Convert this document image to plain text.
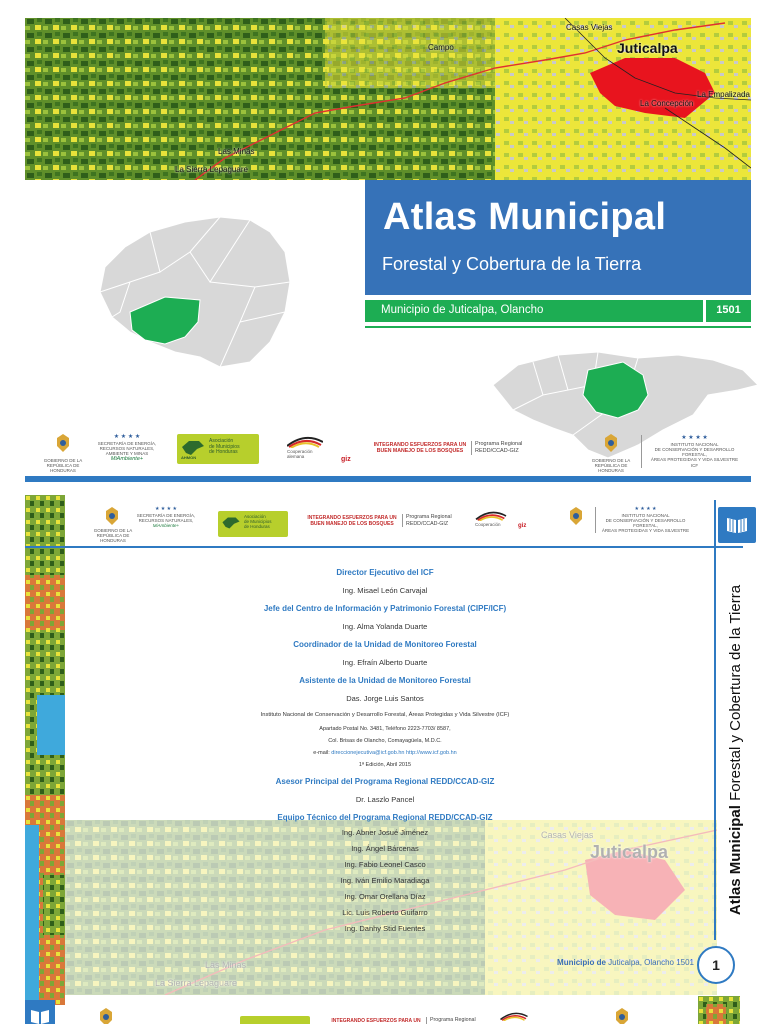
Campo
Casas Viejas
Juticalpa
La Empalizada
La Concepción
Las Minas
La Sierra Lepaguare
Atlas Municipal
Forestal y Cobertura de la Tierra
Municipio de Juticalpa, Olancho	1501
GOBIERNO DE LA
REPÚBLICA DE HONDURAS
★ ★ ★ ★
SECRETARÍA DE ENERGÍA,
RECURSOS NATURALES,
AMBIENTE Y MINAS
MiAmbiente+	AHMON
Asociación
de Municipios
de Honduras	Cooperación
alemana	giz
INTEGRANDO ESFUERZOS PARA UN
BUEN MANEJO DE LOS BOSQUES
Programa Regional
REDD/CCAD-GIZ
GOBIERNO DE LA
REPÚBLICA DE HONDURAS
★ ★ ★ ★
INSTITUTO NACIONAL
DE CONSERVACIÓN Y DESARROLLO FORESTAL,
ÁREAS PROTEGIDAS Y VIDA SILVESTRE
ICF
Casas Viejas
Juticalpa
Las Minas
La Sierra Lepaguare
GOBIERNO DE LA
REPÚBLICA DE HONDURAS
★ ★ ★ ★
SECRETARÍA DE ENERGÍA,
RECURSOS NATURALES,
MiAmbiente+
Asociación
de Municipios
de Honduras
INTEGRANDO ESFUERZOS PARA UN
BUEN MANEJO DE LOS BOSQUES
Programa Regional
REDD/CCAD-GIZ	Cooperación	giz
★ ★ ★ ★
INSTITUTO NACIONAL
DE CONSERVACIÓN Y DESARROLLO FORESTAL,
ÁREAS PROTEGIDAS Y VIDA SILVESTRE
Atlas Municipal Forestal y Cobertura de la Tierra
Director Ejecutivo del ICF
Ing. Misael León Carvajal
Jefe del Centro de Información y Patrimonio Forestal (CIPF/ICF)
Ing. Alma Yolanda Duarte
Coordinador de la Unidad de Monitoreo Forestal
Ing. Efraín Alberto Duarte
Asistente de la Unidad de Monitoreo Forestal
Das. Jorge Luis Santos
Instituto Nacional de Conservación y Desarrollo Forestal, Áreas Protegidas y Vida Silvestre (ICF)
Apartado Postal No. 3481, Teléfono 2223-7703/ 8587,
Col. Brisas de Olancho, Comayagüela, M.D.C.
e-mail: direccionejecutiva@icf.gob.hn http://www.icf.gob.hn
1ª Edición, Abril 2015
Asesor Principal del Programa Regional REDD/CCAD-GIZ
Dr. Laszlo Pancel
Equipo Técnico del Programa Regional REDD/CCAD-GIZ
Ing. Abner Josué Jiménez
Ing. Ángel Bárcenas
Ing. Fabio Leonel Casco
Ing. Iván Emilio Maradiaga
Ing. Omar Orellana Díaz
Lic. Luis Roberto Guifarro
Ing. Danhy Stid Fuentes
Municipio de Juticalpa, Olancho 1501	1
INTEGRANDO ESFUERZOS PARA UN	Programa Regional
